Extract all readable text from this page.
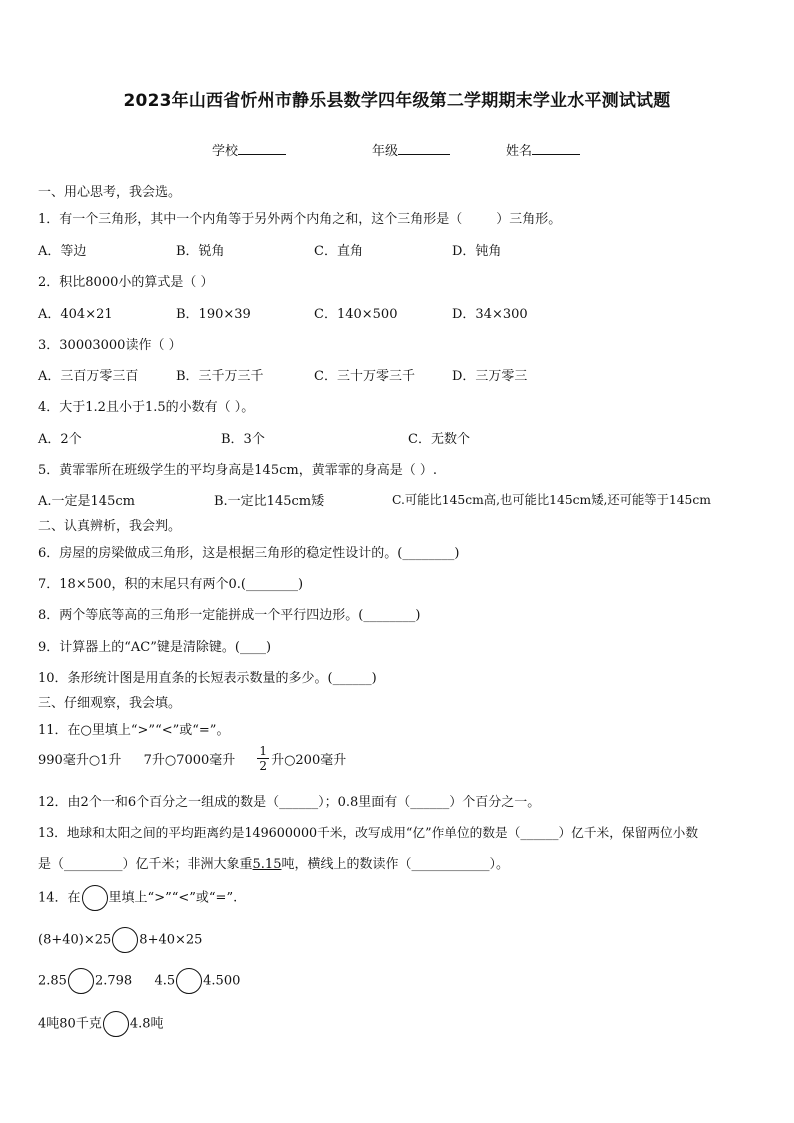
2023年山西省忻州市静乐县数学四年级第二学期期末学业水平测试试题
学校	年级	姓名
一、用心思考，我会选。
1．有一个三角形，其中一个内角等于另外两个内角之和，这个三角形是（	）三角形。
A．等边	B．锐角	C．直角	D．钝角
2．积比8000小的算式是（ ）
A．404×21	B．190×39	C．140×500	D．34×300
3．30003000读作（ ）
A．三百万零三百	B．三千万三千	C．三十万零三千	D．三万零三
4．大于1.2且小于1.5的小数有（ ）。
A．2个	B．3个	C．无数个
5．黄霏霏所在班级学生的平均身高是145cm，黄霏霏的身高是（ ）.
A.一定是145cm	B.一定比145cm矮	C.可能比145cm高,也可能比145cm矮,还可能等于145cm
二、认真辨析，我会判。
6．房屋的房梁做成三角形，这是根据三角形的稳定性设计的。(________)
7．18×500，积的末尾只有两个0.(________)
8．两个等底等高的三角形一定能拼成一个平行四边形。(________)
9．计算器上的“AC”键是清除键。(____)
10．条形统计图是用直条的长短表示数量的多少。(______)
三、仔细观察，我会填。
11．在○里填上“>”“<”或“=”。
990毫升○1升 7升○7000毫升 $\frac{1}{2}$ 升○200毫升
12．由2个一和6个百分之一组成的数是（______）；0.8里面有（______）个百分之一。
13．地球和太阳之间的平均距离约是149600000千米，改写成用“亿”作单位的数是（______）亿千米，保留两位小数
是（_________）亿千米；非洲大象重5.15吨，横线上的数读作（____________）。
14．在 里填上“>”“<”或“=”.
(8+40)×25 8+40×25
2.85 2.798 4.5 4.500
4吨80千克 4.8吨
